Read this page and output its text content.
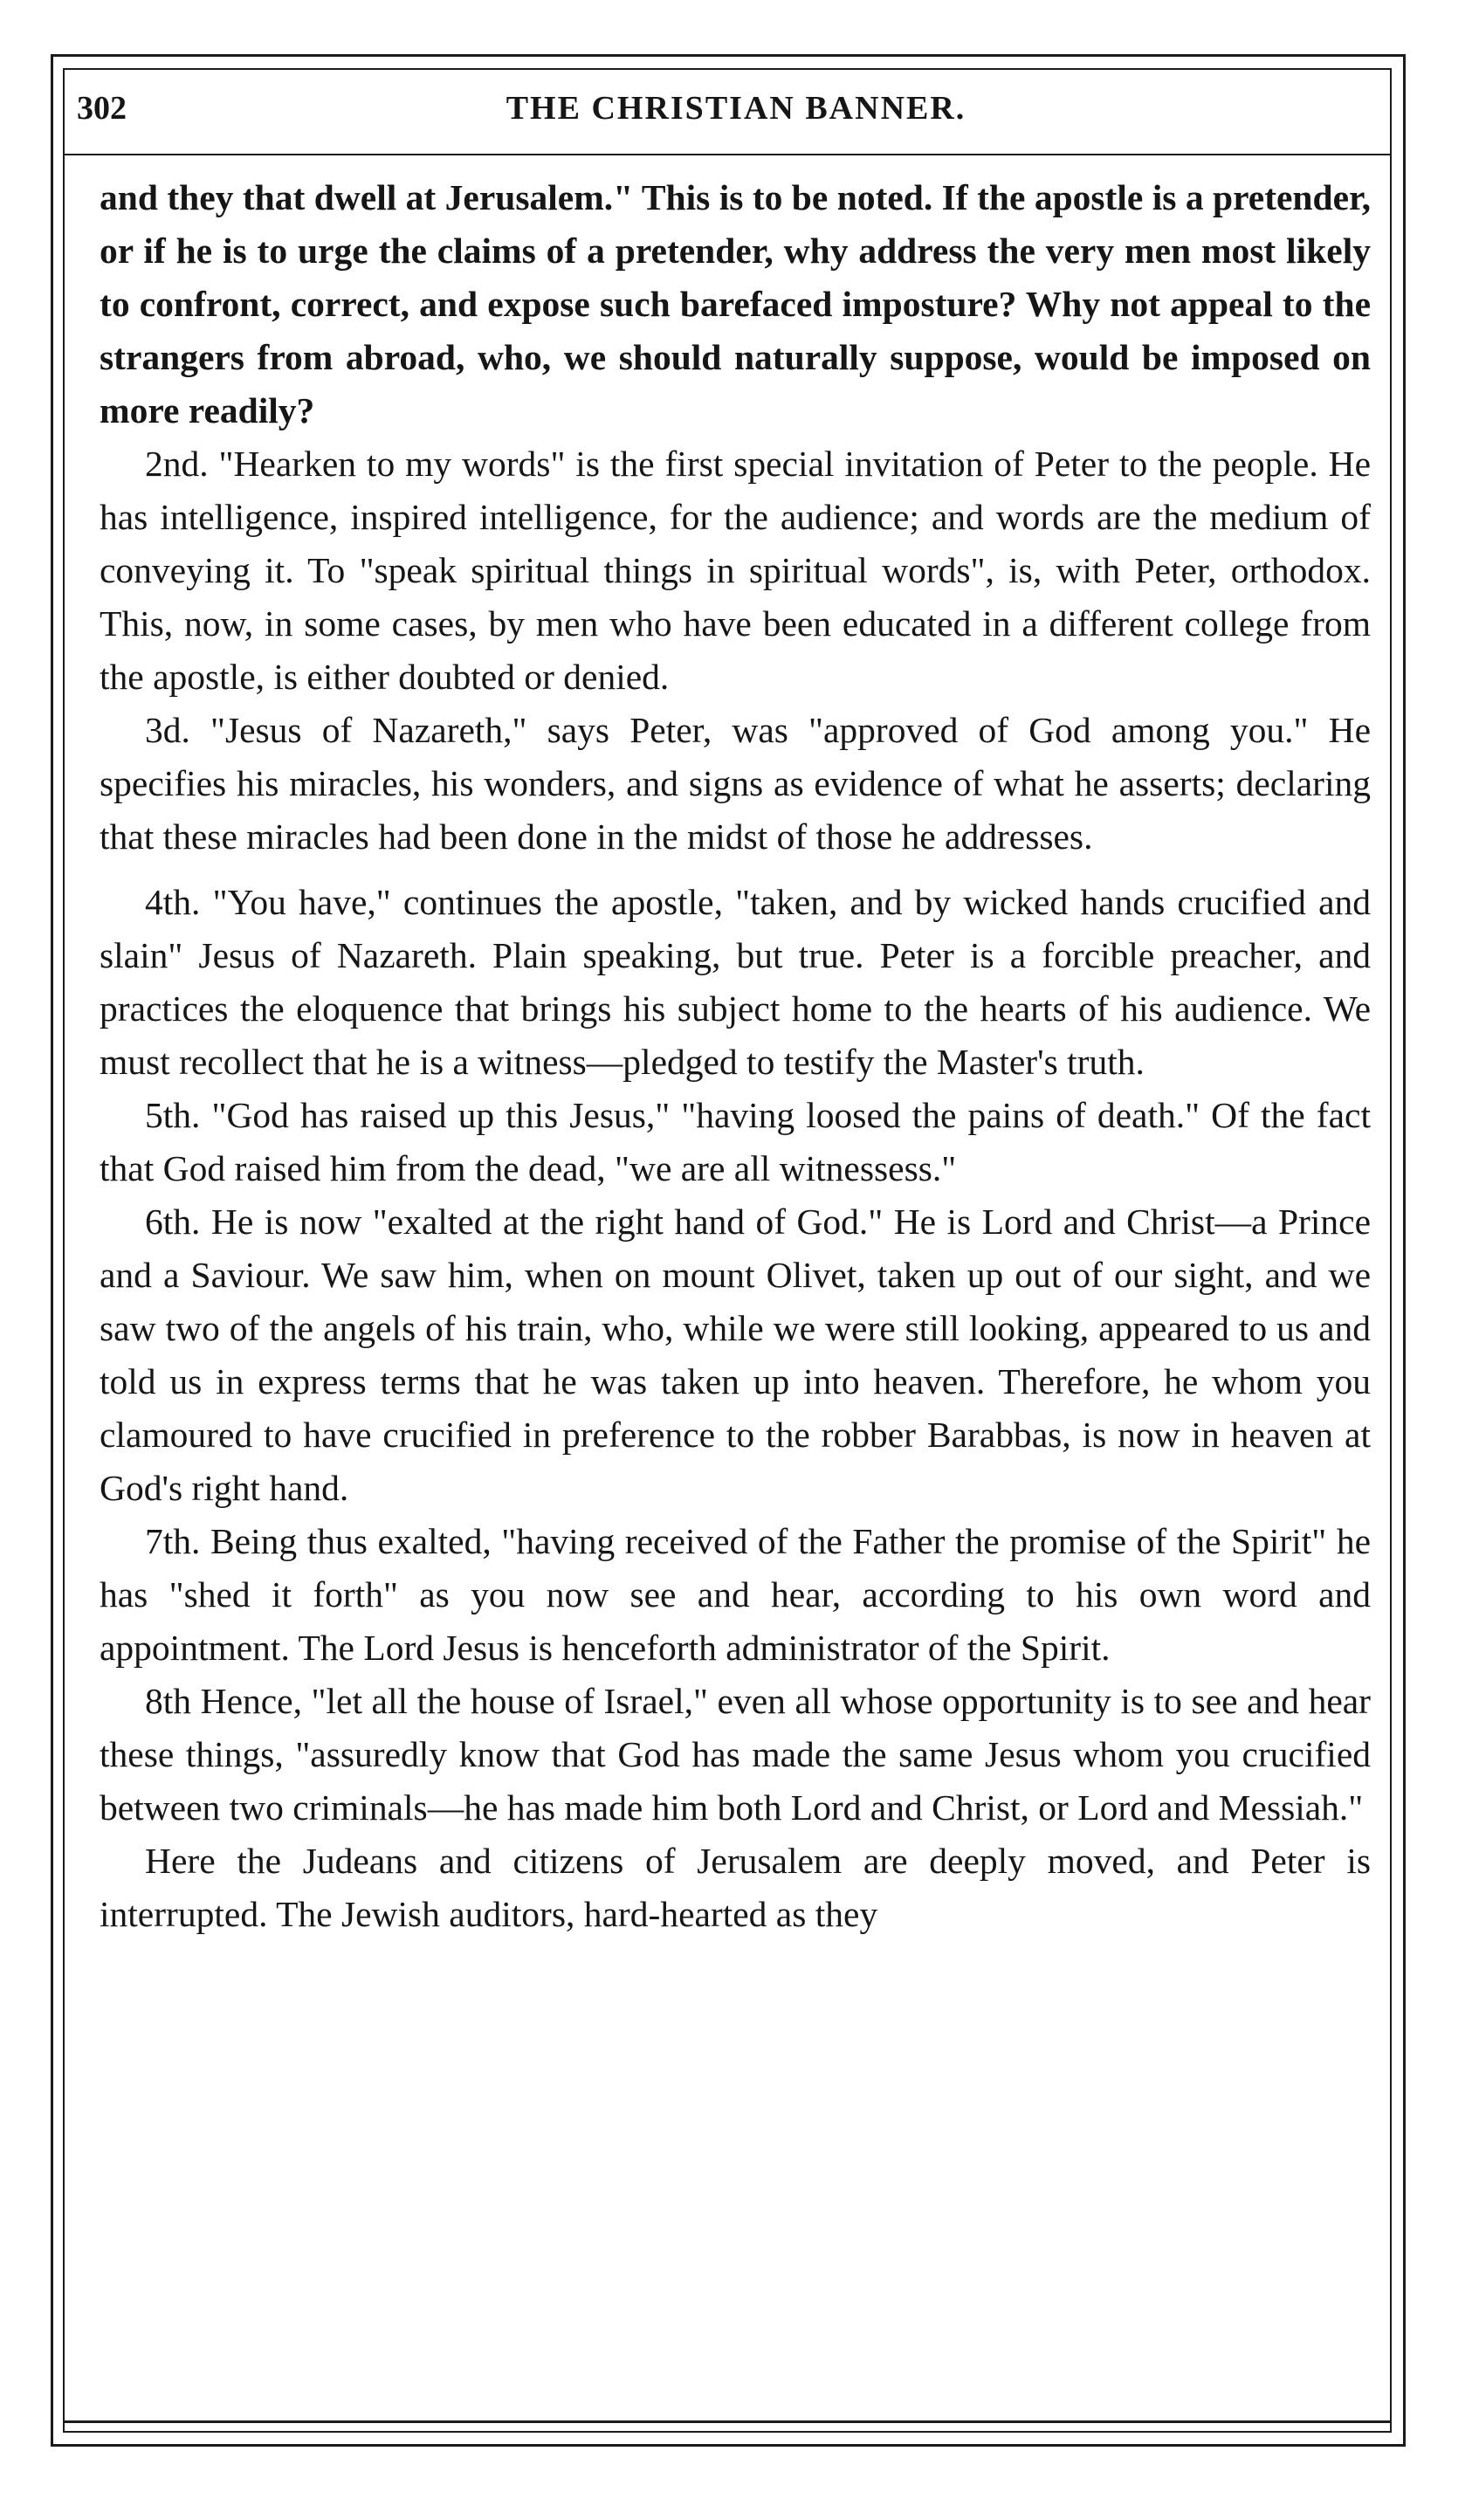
302	THE CHRISTIAN BANNER.

and they that dwell at Jerusalem." This is to be noted. If the apostle is a pretender, or if he is to urge the claims of a pretender, why address the very men most likely to confront, correct, and expose such barefaced imposture? Why not appeal to the strangers from abroad, who, we should naturally suppose, would be imposed on more readily?

2nd. "Hearken to my words" is the first special invitation of Peter to the people. He has intelligence, inspired intelligence, for the audience; and words are the medium of conveying it. To "speak spiritual things in spiritual words", is, with Peter, orthodox. This, now, in some cases, by men who have been educated in a different college from the apostle, is either doubted or denied.

3d. "Jesus of Nazareth," says Peter, was "approved of God among you." He specifies his miracles, his wonders, and signs as evidence of what he asserts; declaring that these miracles had been done in the midst of those he addresses.

4th. "You have," continues the apostle, "taken, and by wicked hands crucified and slain" Jesus of Nazareth. Plain speaking, but true. Peter is a forcible preacher, and practices the eloquence that brings his subject home to the hearts of his audience. We must recollect that he is a witness—pledged to testify the Master's truth.

5th. "God has raised up this Jesus," "having loosed the pains of death." Of the fact that God raised him from the dead, "we are all witnessess."

6th. He is now "exalted at the right hand of God." He is Lord and Christ—a Prince and a Saviour. We saw him, when on mount Olivet, taken up out of our sight, and we saw two of the angels of his train, who, while we were still looking, appeared to us and told us in express terms that he was taken up into heaven. Therefore, he whom you clamoured to have crucified in preference to the robber Barabbas, is now in heaven at God's right hand.

7th. Being thus exalted, "having received of the Father the promise of the Spirit" he has "shed it forth" as you now see and hear, according to his own word and appointment. The Lord Jesus is henceforth administrator of the Spirit.

8th Hence, "let all the house of Israel," even all whose opportunity is to see and hear these things, "assuredly know that God has made the same Jesus whom you crucified between two criminals—he has made him both Lord and Christ, or Lord and Messiah."

Here the Judeans and citizens of Jerusalem are deeply moved, and Peter is interrupted. The Jewish auditors, hard-hearted as they
